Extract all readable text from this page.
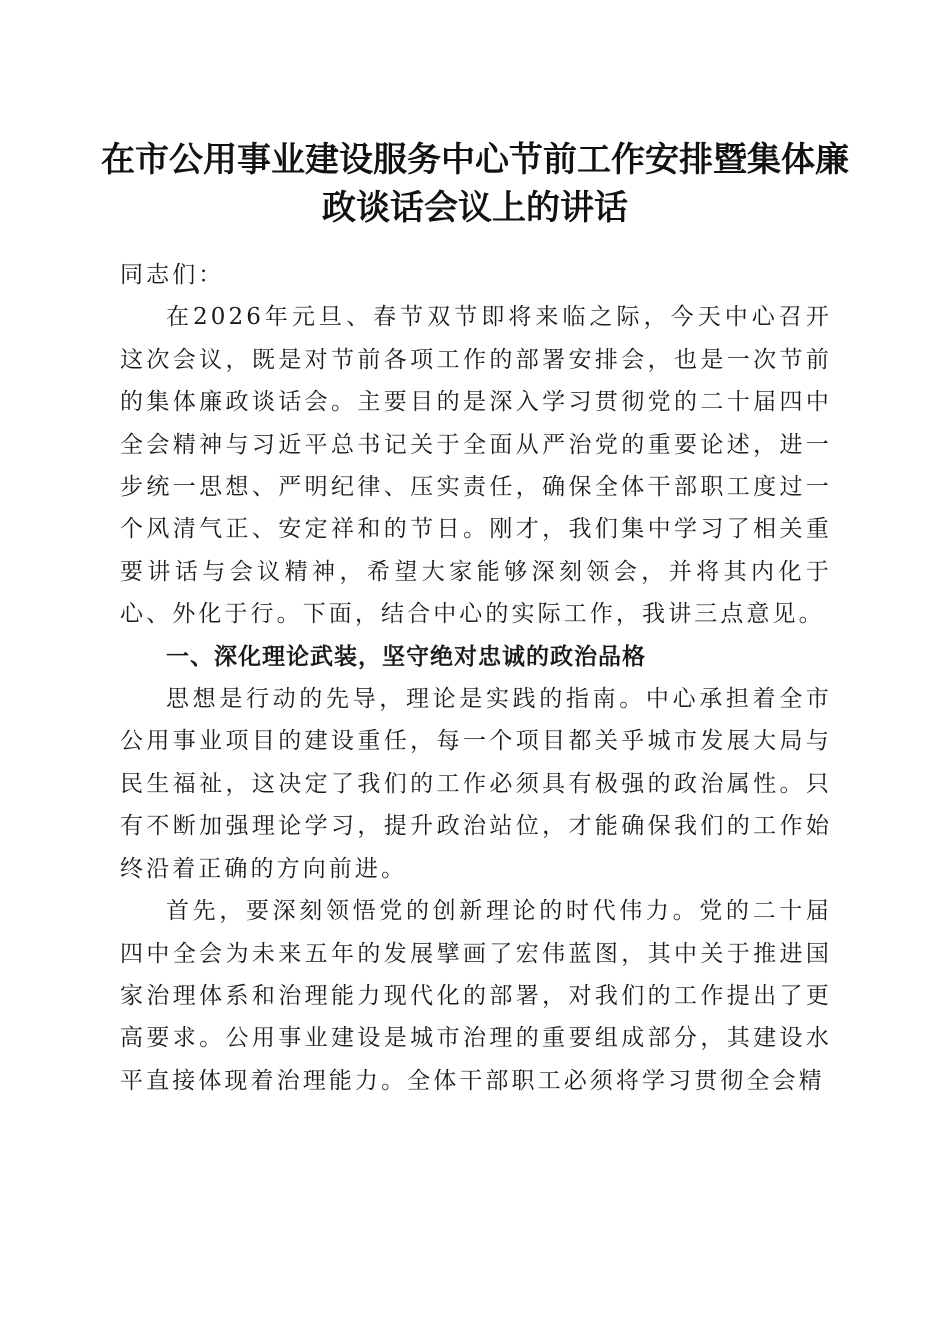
在市公用事业建设服务中心节前工作安排暨集体廉政谈话会议上的讲话

同志们：

在2026年元旦、春节双节即将来临之际，今天中心召开这次会议，既是对节前各项工作的部署安排会，也是一次节前的集体廉政谈话会。主要目的是深入学习贯彻党的二十届四中全会精神与习近平总书记关于全面从严治党的重要论述，进一步统一思想、严明纪律、压实责任，确保全体干部职工度过一个风清气正、安定祥和的节日。刚才，我们集中学习了相关重要讲话与会议精神，希望大家能够深刻领会，并将其内化于心、外化于行。下面，结合中心的实际工作，我讲三点意见。

一、深化理论武装，坚守绝对忠诚的政治品格

思想是行动的先导，理论是实践的指南。中心承担着全市公用事业项目的建设重任，每一个项目都关乎城市发展大局与民生福祉，这决定了我们的工作必须具有极强的政治属性。只有不断加强理论学习，提升政治站位，才能确保我们的工作始终沿着正确的方向前进。

首先，要深刻领悟党的创新理论的时代伟力。党的二十届四中全会为未来五年的发展擘画了宏伟蓝图，其中关于推进国家治理体系和治理能力现代化的部署，对我们的工作提出了更高要求。公用事业建设是城市治理的重要组成部分，其建设水平直接体现着治理能力。全体干部职工必须将学习贯彻全会精
